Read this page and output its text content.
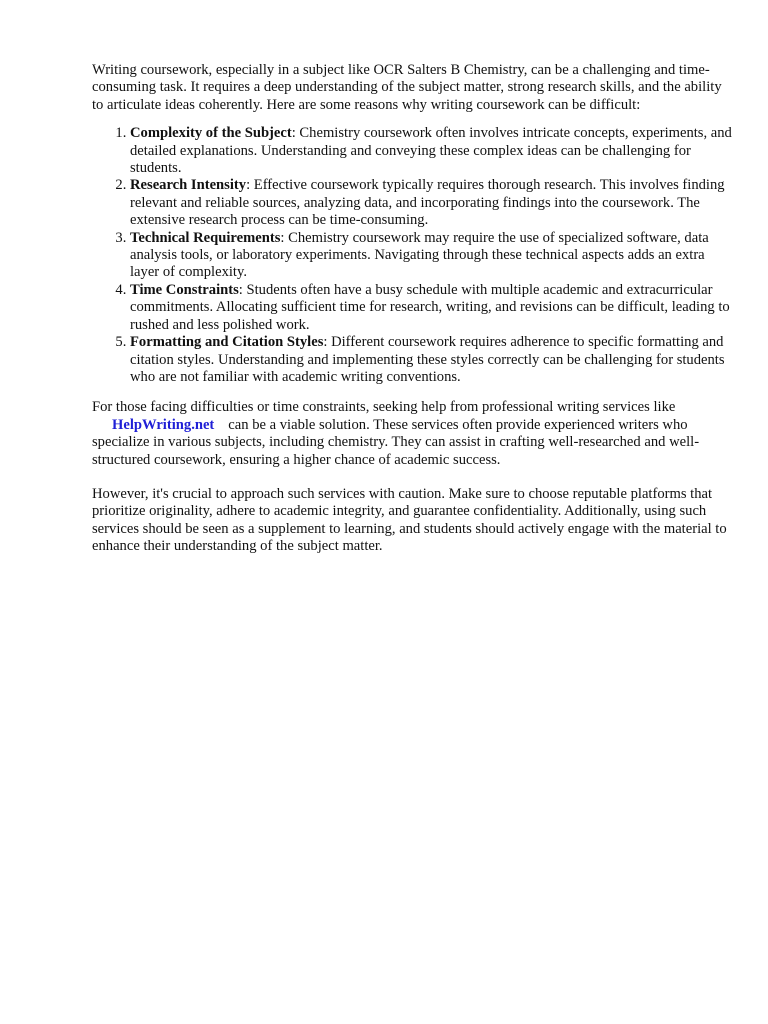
Writing coursework, especially in a subject like OCR Salters B Chemistry, can be a challenging and time-consuming task. It requires a deep understanding of the subject matter, strong research skills, and the ability to articulate ideas coherently. Here are some reasons why writing coursework can be difficult:

1. Complexity of the Subject: Chemistry coursework often involves intricate concepts, experiments, and detailed explanations. Understanding and conveying these complex ideas can be challenging for students.
2. Research Intensity: Effective coursework typically requires thorough research. This involves finding relevant and reliable sources, analyzing data, and incorporating findings into the coursework. The extensive research process can be time-consuming.
3. Technical Requirements: Chemistry coursework may require the use of specialized software, data analysis tools, or laboratory experiments. Navigating through these technical aspects adds an extra layer of complexity.
4. Time Constraints: Students often have a busy schedule with multiple academic and extracurricular commitments. Allocating sufficient time for research, writing, and revisions can be difficult, leading to rushed and less polished work.
5. Formatting and Citation Styles: Different coursework requires adherence to specific formatting and citation styles. Understanding and implementing these styles correctly can be challenging for students who are not familiar with academic writing conventions.

For those facing difficulties or time constraints, seeking help from professional writing services like
HelpWriting.net can be a viable solution. These services often provide experienced writers who specialize in various subjects, including chemistry. They can assist in crafting well-researched and well-structured coursework, ensuring a higher chance of academic success.

However, it's crucial to approach such services with caution. Make sure to choose reputable platforms that prioritize originality, adhere to academic integrity, and guarantee confidentiality. Additionally, using such services should be seen as a supplement to learning, and students should actively engage with the material to enhance their understanding of the subject matter.
